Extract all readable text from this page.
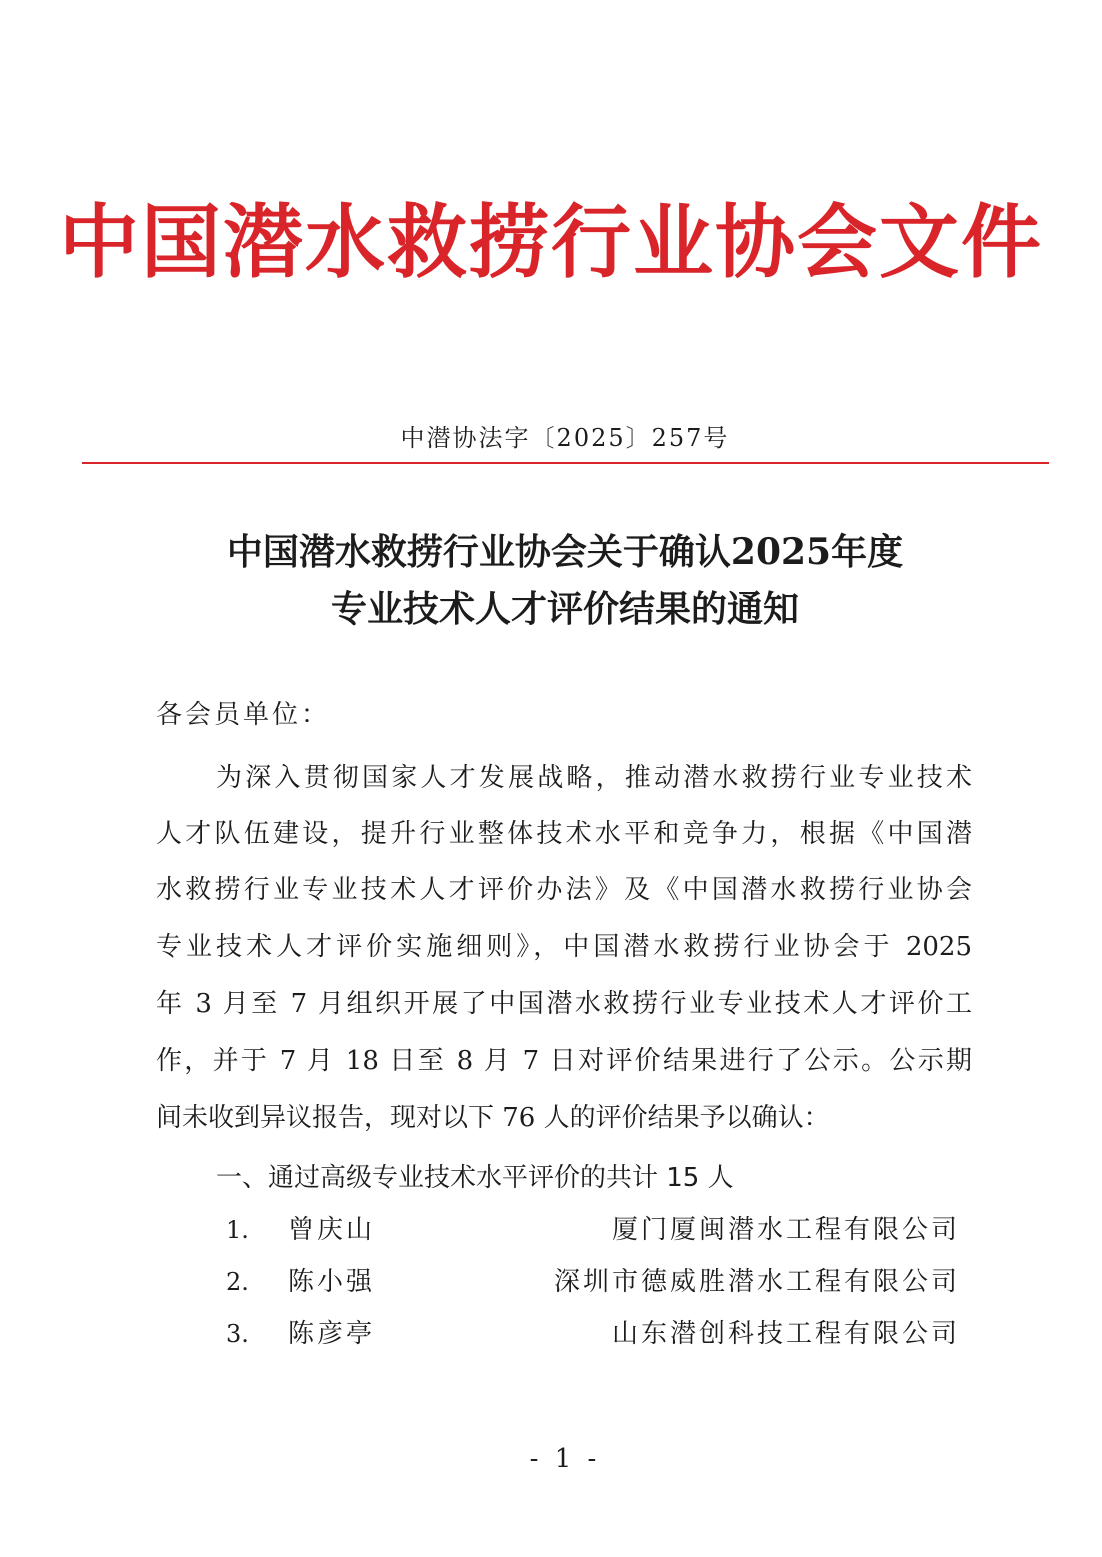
中国潜水救捞行业协会文件
中潜协法字〔2025〕257号
中国潜水救捞行业协会关于确认2025年度
专业技术人才评价结果的通知
各会员单位：
为深入贯彻国家人才发展战略，推动潜水救捞行业专业技术
人才队伍建设，提升行业整体技术水平和竞争力，根据《中国潜
水救捞行业专业技术人才评价办法》及《中国潜水救捞行业协会
专业技术人才评价实施细则》，中国潜水救捞行业协会于 2025
年 3 月至 7 月组织开展了中国潜水救捞行业专业技术人才评价工
作，并于 7 月 18 日至 8 月 7 日对评价结果进行了公示。公示期
间未收到异议报告，现对以下 76 人的评价结果予以确认：
一、通过高级专业技术水平评价的共计 15 人
1. 曾庆山	厦门厦闽潜水工程有限公司
2. 陈小强	深圳市德威胜潜水工程有限公司
3. 陈彦亭	山东潜创科技工程有限公司
- 1 -
